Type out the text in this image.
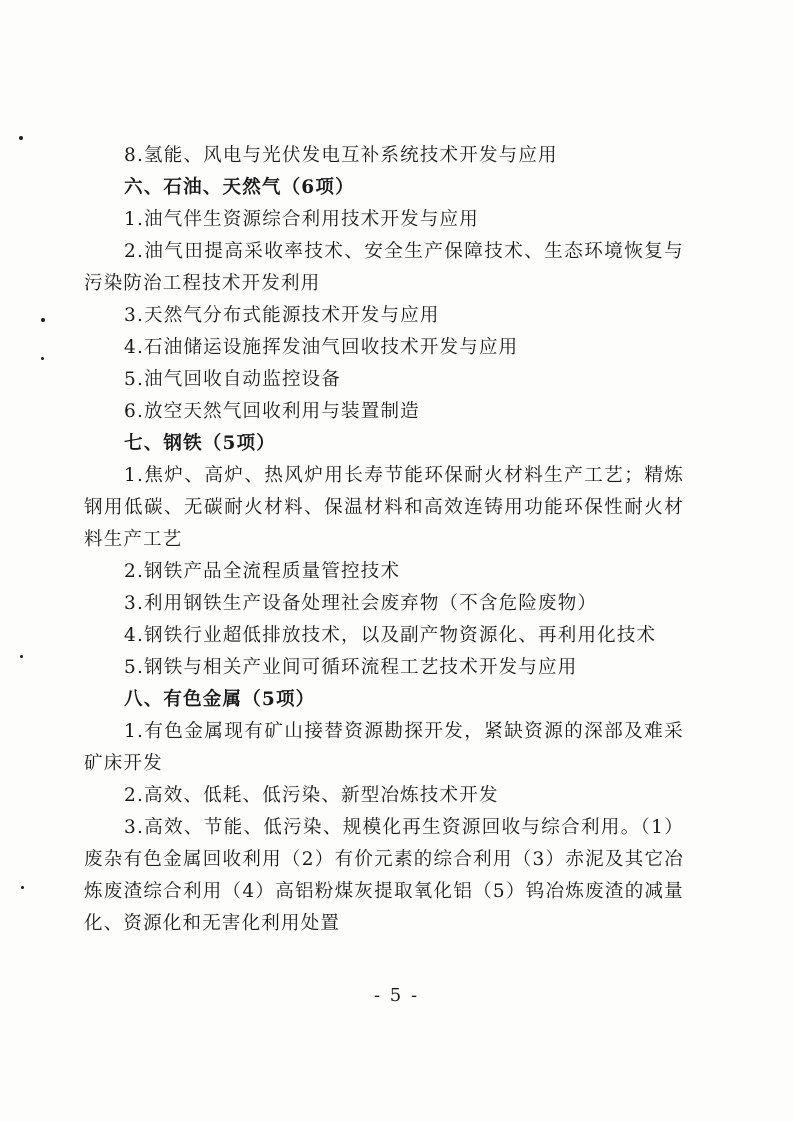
8.氢能、风电与光伏发电互补系统技术开发与应用
六、石油、天然气（6项）
1.油气伴生资源综合利用技术开发与应用
2.油气田提高采收率技术、安全生产保障技术、生态环境恢复与污染防治工程技术开发利用
3.天然气分布式能源技术开发与应用
4.石油储运设施挥发油气回收技术开发与应用
5.油气回收自动监控设备
6.放空天然气回收利用与装置制造
七、钢铁（5项）
1.焦炉、高炉、热风炉用长寿节能环保耐火材料生产工艺；精炼钢用低碳、无碳耐火材料、保温材料和高效连铸用功能环保性耐火材料生产工艺
2.钢铁产品全流程质量管控技术
3.利用钢铁生产设备处理社会废弃物（不含危险废物）
4.钢铁行业超低排放技术，以及副产物资源化、再利用化技术
5.钢铁与相关产业间可循环流程工艺技术开发与应用
八、有色金属（5项）
1.有色金属现有矿山接替资源勘探开发，紧缺资源的深部及难采矿床开发
2.高效、低耗、低污染、新型冶炼技术开发
3.高效、节能、低污染、规模化再生资源回收与综合利用。（1）废杂有色金属回收利用（2）有价元素的综合利用（3）赤泥及其它冶炼废渣综合利用（4）高铝粉煤灰提取氧化铝（5）钨冶炼废渣的减量化、资源化和无害化利用处置
- 5 -
